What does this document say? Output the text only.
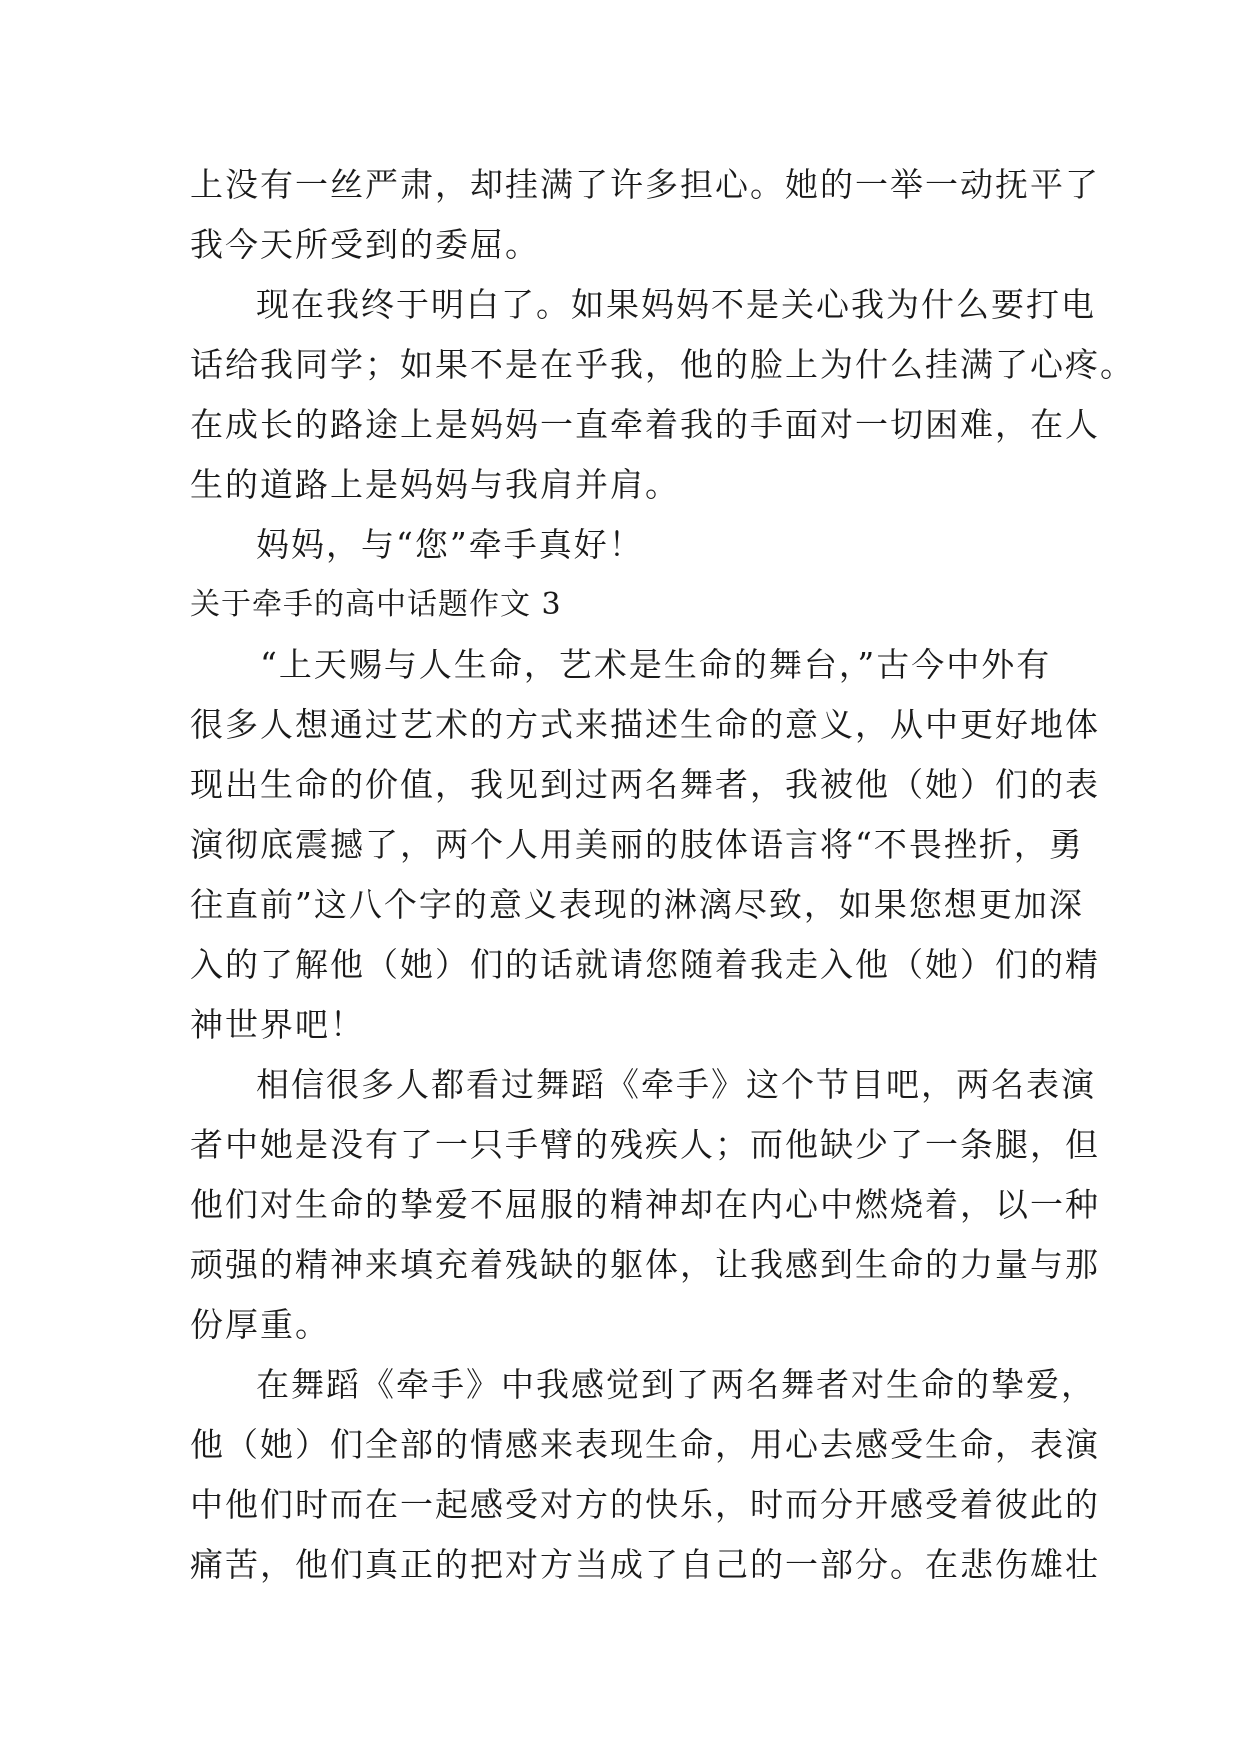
上没有一丝严肃，却挂满了许多担心。她的一举一动抚平了
我今天所受到的委屈。
现在我终于明白了。如果妈妈不是关心我为什么要打电
话给我同学；如果不是在乎我，他的脸上为什么挂满了心疼。
在成长的路途上是妈妈一直牵着我的手面对一切困难，在人
生的道路上是妈妈与我肩并肩。
妈妈，与“您”牵手真好！
关于牵手的高中话题作文 3
“上天赐与人生命，艺术是生命的舞台，”古今中外有
很多人想通过艺术的方式来描述生命的意义，从中更好地体
现出生命的价值，我见到过两名舞者，我被他（她）们的表
演彻底震撼了，两个人用美丽的肢体语言将“不畏挫折，勇
往直前”这八个字的意义表现的淋漓尽致，如果您想更加深
入的了解他（她）们的话就请您随着我走入他（她）们的精
神世界吧！
相信很多人都看过舞蹈《牵手》这个节目吧，两名表演
者中她是没有了一只手臂的残疾人；而他缺少了一条腿，但
他们对生命的挚爱不屈服的精神却在内心中燃烧着，以一种
顽强的精神来填充着残缺的躯体，让我感到生命的力量与那
份厚重。
在舞蹈《牵手》中我感觉到了两名舞者对生命的挚爱，
他（她）们全部的情感来表现生命，用心去感受生命，表演
中他们时而在一起感受对方的快乐，时而分开感受着彼此的
痛苦，他们真正的把对方当成了自己的一部分。在悲伤雄壮
